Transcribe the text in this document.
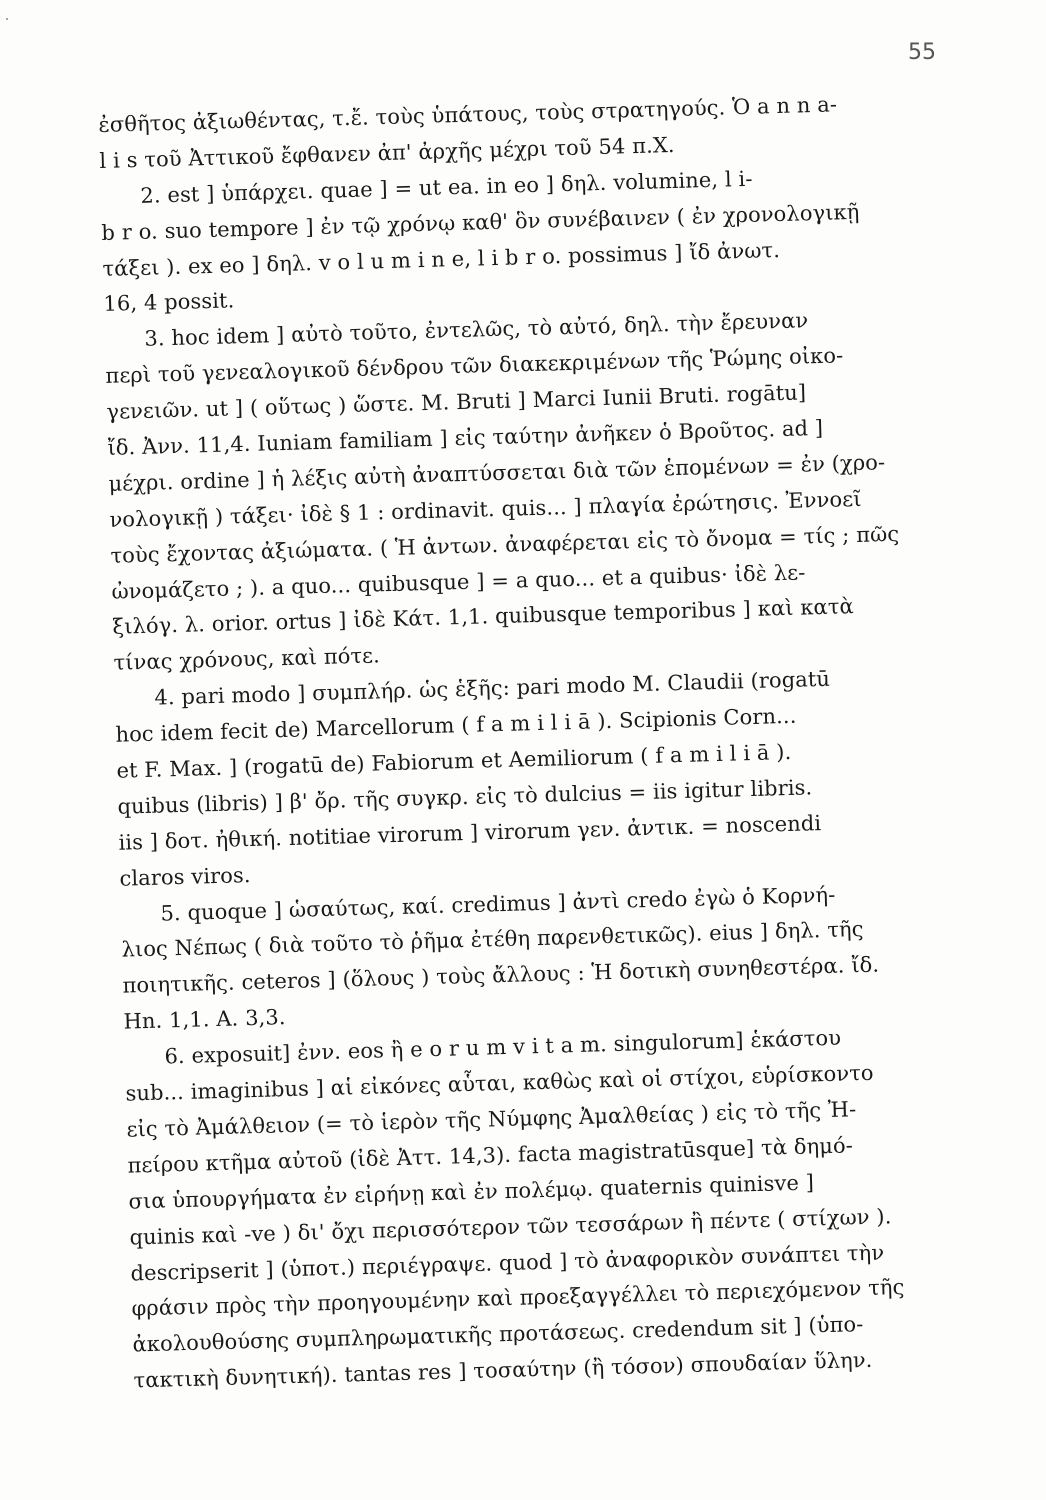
55
ἐσθῆτος ἀξιωθέντας, τ.ἔ. τοὺς ὑπάτους, τοὺς στρατηγούς. Ὁ a n n a-
l i s τοῦ Ἀττικοῦ ἔφθανεν ἀπ' ἀρχῆς μέχρι τοῦ 54 π.Χ.
2. est ] ὑπάρχει. quae ] = ut ea. in eo ] δηλ. volumine, l i-
b r o. suo tempore ] ἐν τῷ χρόνῳ καθ' ὃν συνέβαινεν ( ἐν χρονολογικῇ
τάξει ). ex eo ] δηλ. v o l u m i n e, l i b r o. possimus ] ἴδ ἀνωτ.
16, 4 possit.
3. hoc idem ] αὐτὸ τοῦτο, ἐντελῶς, τὸ αὐτό, δηλ. τὴν ἔρευναν
περὶ τοῦ γενεαλογικοῦ δένδρου τῶν διακεκριμένων τῆς Ῥώμης οἰκο-
γενειῶν. ut ] ( οὕτως ) ὥστε. M. Bruti ] Marci Iunii Bruti. rogātu]
ἴδ. Ἀνν. 11,4. Iuniam familiam ] εἰς ταύτην ἀνῆκεν ὁ Βροῦτος. ad ]
μέχρι. ordine ] ἡ λέξις αὐτὴ ἀναπτύσσεται διὰ τῶν ἑπομένων = ἐν (χρο-
νολογικῇ ) τάξει· ἰδὲ § 1 : ordinavit. quis... ] πλαγία ἐρώτησις. Ἐννοεῖ
τοὺς ἔχοντας ἀξιώματα. ( Ἡ ἀντων. ἀναφέρεται εἰς τὸ ὄνομα = τίς ; πῶς
ὠνομάζετο ; ). a quo... quibusque ] = a quo... et a quibus· ἰδὲ λε-
ξιλόγ. λ. orior. ortus ] ἰδὲ Κάτ. 1,1. quibusque temporibus ] καὶ κατὰ
τίνας χρόνους, καὶ πότε.
4. pari modo ] συμπλήρ. ὡς ἑξῆς: pari modo M. Claudii (rogatū
hoc idem fecit de) Marcellorum ( f a m i l i ā ). Scipionis Corn...
et F. Max. ] (rogatū de) Fabiorum et Aemiliorum ( f a m i l i ā ).
quibus (libris) ] β' ὄρ. τῆς συγκρ. εἰς τὸ dulcius = iis igitur libris.
iis ] δοτ. ἠθική. notitiae virorum ] virorum γεν. ἀντικ. = noscendi
claros viros.
5. quoque ] ὡσαύτως, καί. credimus ] ἀντὶ credo ἐγὼ ὁ Κορνή-
λιος Νέπως ( διὰ τοῦτο τὸ ῥῆμα ἐτέθη παρενθετικῶς). eius ] δηλ. τῆς
ποιητικῆς. ceteros ] (ὅλους ) τοὺς ἄλλους : Ἡ δοτικὴ συνηθεστέρα. ἴδ.
Hn. 1,1. A. 3,3.
6. exposuit] ἐνν. eos ἢ e o r u m v i t a m. singulorum] ἑκάστου
sub... imaginibus ] αἱ εἰκόνες αὗται, καθὼς καὶ οἱ στίχοι, εὑρίσκοντο
εἰς τὸ Ἀμάλθειον (= τὸ ἱερὸν τῆς Νύμφης Ἀμαλθείας ) εἰς τὸ τῆς Ἠ-
πείρου κτῆμα αὐτοῦ (ἰδὲ Ἀττ. 14,3). facta magistratūsque] τὰ δημό-
σια ὑπουργήματα ἐν εἰρήνῃ καὶ ἐν πολέμῳ. quaternis quinisve ]
quinis καὶ -ve ) δι' ὄχι περισσότερον τῶν τεσσάρων ἢ πέντε ( στίχων ).
descripserit ] (ὑποτ.) περιέγραψε. quod ] τὸ ἀναφορικὸν συνάπτει τὴν
φράσιν πρὸς τὴν προηγουμένην καὶ προεξαγγέλλει τὸ περιεχόμενον τῆς
ἀκολουθούσης συμπληρωματικῆς προτάσεως. credendum sit ] (ὑπο-
τακτικὴ δυνητική). tantas res ] τοσαύτην (ἢ τόσον) σπουδαίαν ὕλην.
